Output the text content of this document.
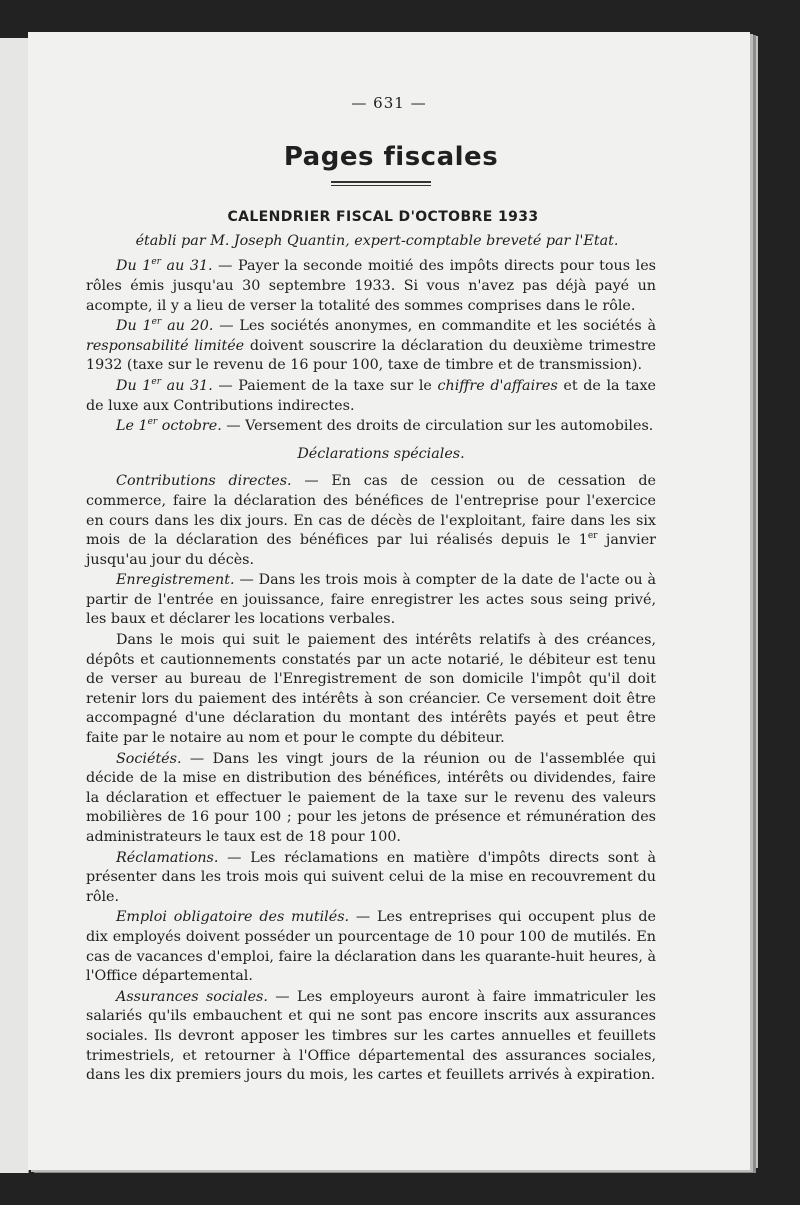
— 631 —
Pages fiscales
CALENDRIER FISCAL D'OCTOBRE 1933
établi par M. Joseph Quantin, expert-comptable breveté par l'Etat.

Du 1er au 31. — Payer la seconde moitié des impôts directs pour tous les rôles émis jusqu'au 30 septembre 1933. Si vous n'avez pas déjà payé un acompte, il y a lieu de verser la totalité des sommes comprises dans le rôle.

Du 1er au 20. — Les sociétés anonymes, en commandite et les sociétés à responsabilité limitée doivent souscrire la déclaration du deuxième trimestre 1932 (taxe sur le revenu de 16 pour 100, taxe de timbre et de transmission).

Du 1er au 31. — Paiement de la taxe sur le chiffre d'affaires et de la taxe de luxe aux Contributions indirectes.

Le 1er octobre. — Versement des droits de circulation sur les automobiles.

Déclarations spéciales.

Contributions directes. — En cas de cession ou de cessation de commerce, faire la déclaration des bénéfices de l'entreprise pour l'exercice en cours dans les dix jours. En cas de décès de l'exploitant, faire dans les six mois de la déclaration des bénéfices par lui réalisés depuis le 1er janvier jusqu'au jour du décès.

Enregistrement. — Dans les trois mois à compter de la date de l'acte ou à partir de l'entrée en jouissance, faire enregistrer les actes sous seing privé, les baux et déclarer les locations verbales.

Dans le mois qui suit le paiement des intérêts relatifs à des créances, dépôts et cautionnements constatés par un acte notarié, le débiteur est tenu de verser au bureau de l'Enregistrement de son domicile l'impôt qu'il doit retenir lors du paiement des intérêts à son créancier. Ce versement doit être accompagné d'une déclaration du montant des intérêts payés et peut être faite par le notaire au nom et pour le compte du débiteur.

Sociétés. — Dans les vingt jours de la réunion ou de l'assemblée qui décide de la mise en distribution des bénéfices, intérêts ou dividendes, faire la déclaration et effectuer le paiement de la taxe sur le revenu des valeurs mobilières de 16 pour 100 ; pour les jetons de présence et rémunération des administrateurs le taux est de 18 pour 100.

Réclamations. — Les réclamations en matière d'impôts directs sont à présenter dans les trois mois qui suivent celui de la mise en recouvrement du rôle.

Emploi obligatoire des mutilés. — Les entreprises qui occupent plus de dix employés doivent posséder un pourcentage de 10 pour 100 de mutilés. En cas de vacances d'emploi, faire la déclaration dans les quarante-huit heures, à l'Office départemental.

Assurances sociales. — Les employeurs auront à faire immatriculer les salariés qu'ils embauchent et qui ne sont pas encore inscrits aux assurances sociales. Ils devront apposer les timbres sur les cartes annuelles et feuillets trimestriels, et retourner à l'Office départemental des assurances sociales, dans les dix premiers jours du mois, les cartes et feuillets arrivés à expiration.
